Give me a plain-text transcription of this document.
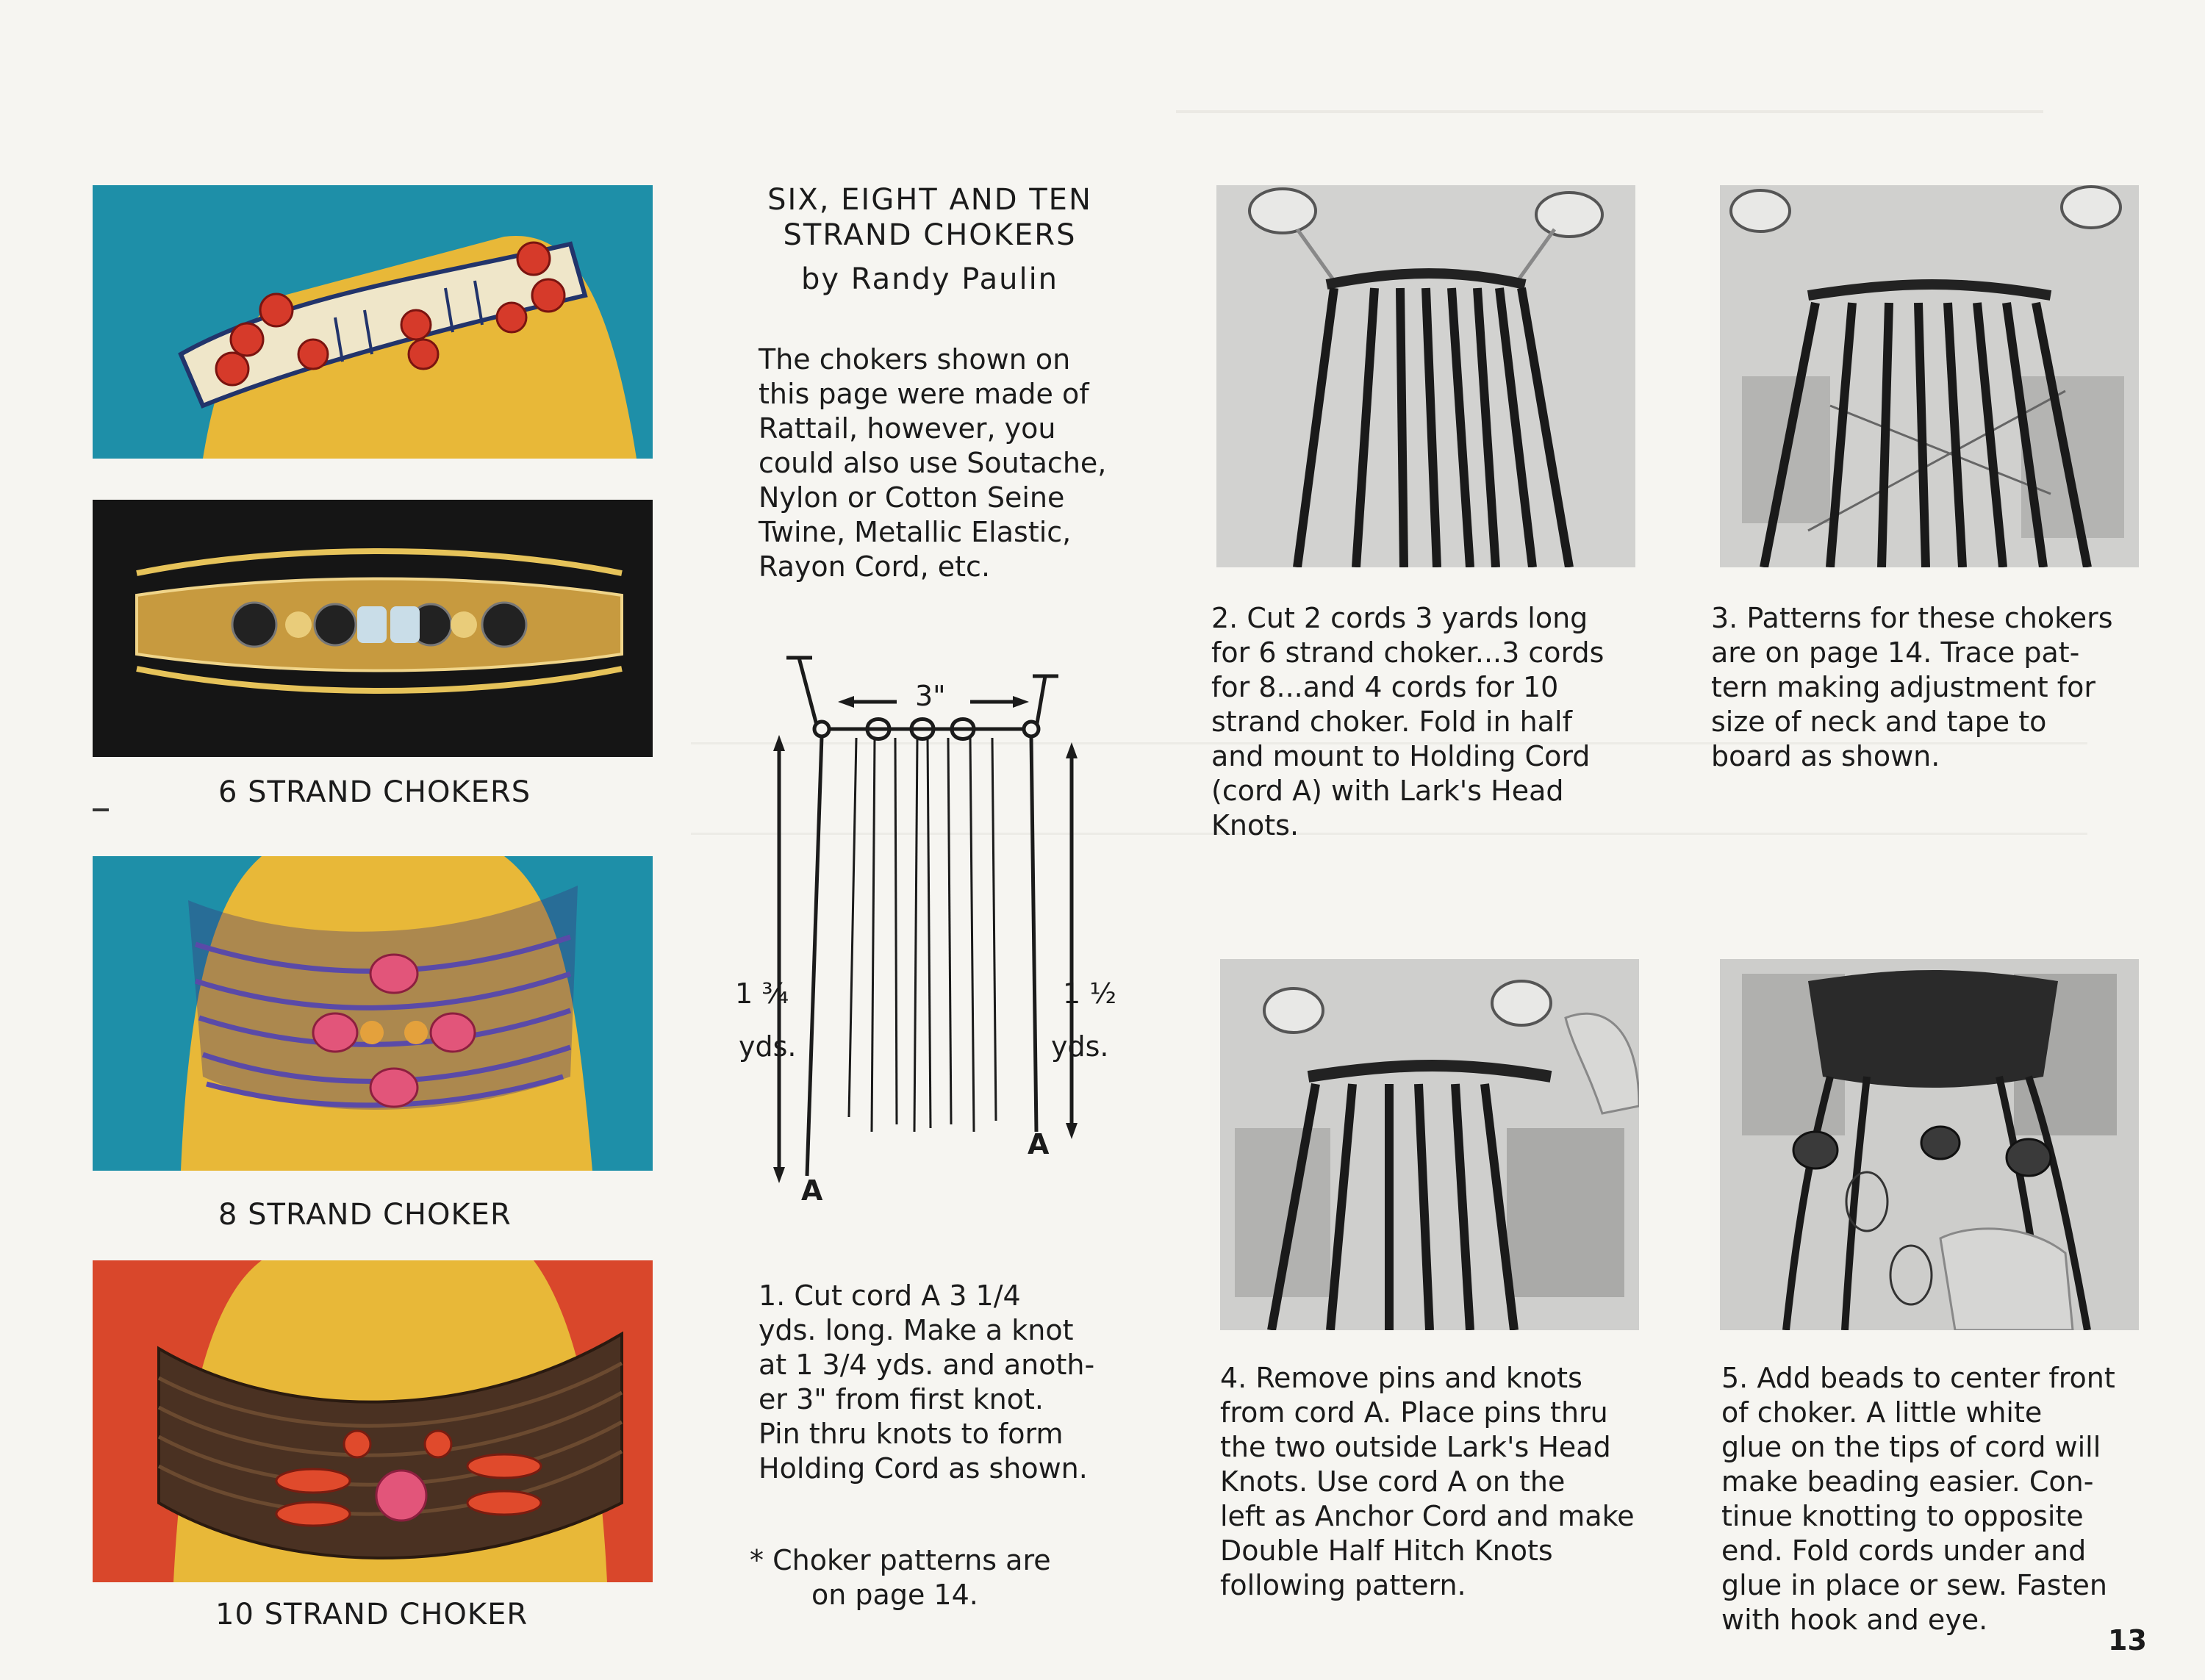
6 STRAND CHOKERS
8 STRAND CHOKER
10 STRAND CHOKER
SIX, EIGHT AND TEN
STRAND CHOKERS
by Randy Paulin
The chokers shown on
this page were made of
Rattail, however, you
could also use Soutache,
Nylon or Cotton Seine
Twine, Metallic Elastic,
Rayon Cord, etc.
3"
1 ¾
yds.
1 ½
yds.
A
A
1. Cut cord A 3 1/4
yds. long. Make a knot
at 1 3/4 yds. and anoth-
er 3" from first knot.
Pin thru knots to form
Holding Cord as shown.
* Choker patterns are
on page 14.
2. Cut 2 cords 3 yards long
for 6 strand choker...3 cords
for 8...and 4 cords for 10
strand choker. Fold in half
and mount to Holding Cord
(cord A) with Lark's Head
Knots.
3. Patterns for these chokers
are on page 14. Trace pat-
tern making adjustment for
size of neck and tape to
board as shown.
4. Remove pins and knots
from cord A. Place pins thru
the two outside Lark's Head
Knots. Use cord A on the
left as Anchor Cord and make
Double Half Hitch Knots
following pattern.
5. Add beads to center front
of choker. A little white
glue on the tips of cord will
make beading easier. Con-
tinue knotting to opposite
end. Fold cords under and
glue in place or sew. Fasten
with hook and eye.
13
